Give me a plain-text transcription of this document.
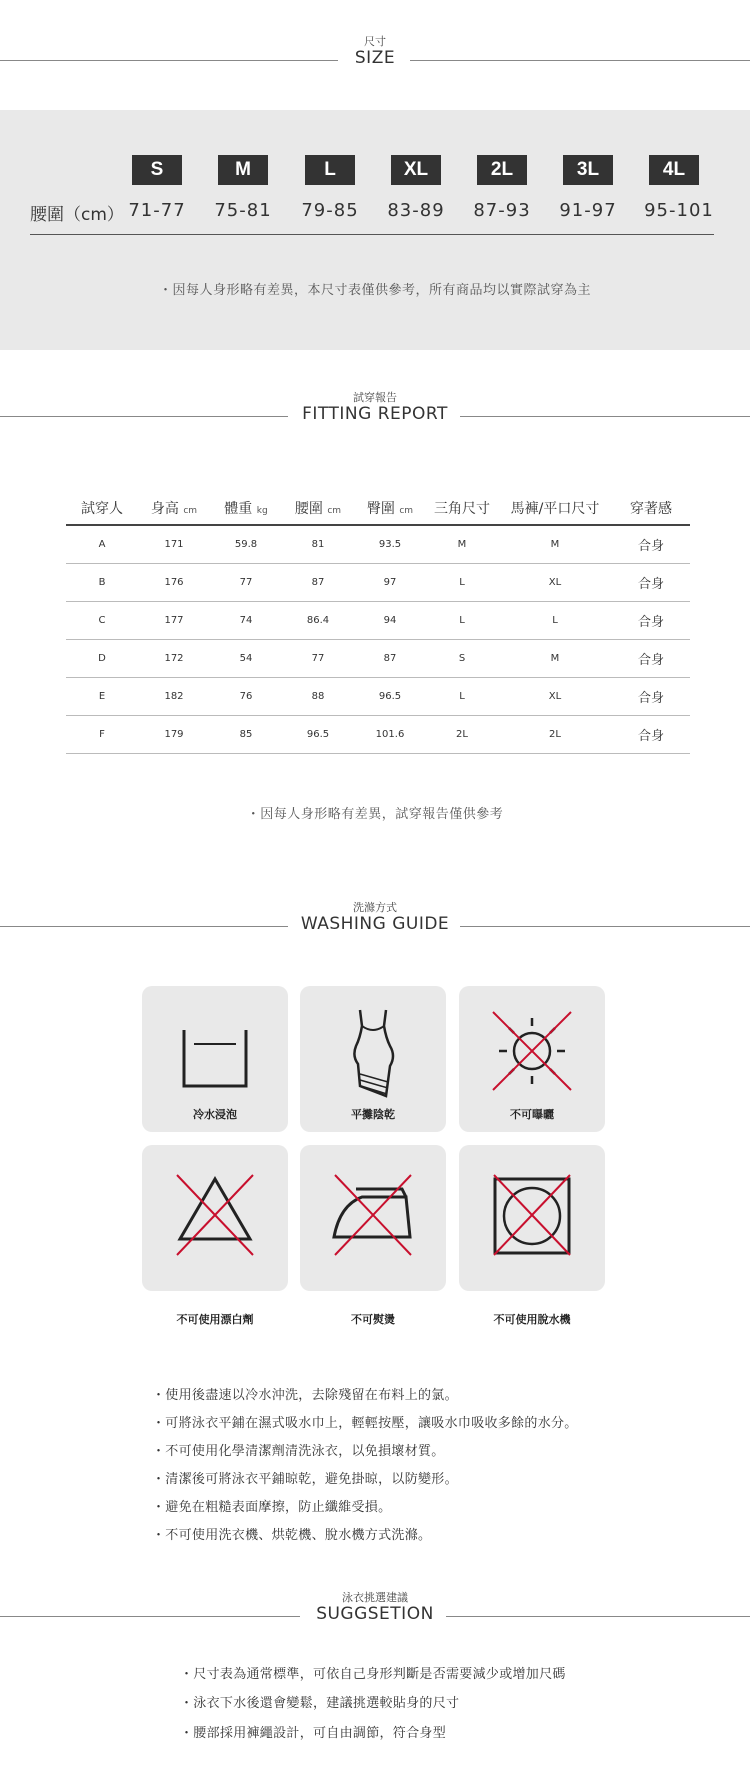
尺寸
SIZE
S	M	L	XL	2L	3L	4L
腰圍（cm） 71-77	75-81	79-85	83-89	87-93	91-97	95-101
・因每人身形略有差異，本尺寸表僅供參考，所有商品均以實際試穿為主
試穿報告
FITTING REPORT
試穿人	身高 cm	體重 kg	腰圍 cm	臀圍 cm	三角尺寸	馬褲/平口尺寸	穿著感
A	171	59.8	81	93.5	M	M	合身
B	176	77	87	97	L	XL	合身
C	177	74	86.4	94	L	L	合身
D	172	54	77	87	S	M	合身
E	182	76	88	96.5	L	XL	合身
F	179	85	96.5	101.6	2L	2L	合身
・因每人身形略有差異，試穿報告僅供參考
洗滌方式
WASHING GUIDE
冷水浸泡	平攤陰乾	不可曝曬
不可使用漂白劑	不可熨燙	不可使用脫水機
・使用後盡速以冷水沖洗，去除殘留在布料上的氯。
・可將泳衣平鋪在濕式吸水巾上，輕輕按壓，讓吸水巾吸收多餘的水分。
・不可使用化學清潔劑清洗泳衣，以免損壞材質。
・清潔後可將泳衣平鋪晾乾，避免掛晾，以防變形。
・避免在粗糙表面摩擦，防止纖維受損。
・不可使用洗衣機、烘乾機、脫水機方式洗滌。
泳衣挑選建議
SUGGSETION
・尺寸表為通常標準，可依自己身形判斷是否需要減少或增加尺碼
・泳衣下水後還會變鬆，建議挑選較貼身的尺寸
・腰部採用褲繩設計，可自由調節，符合身型
